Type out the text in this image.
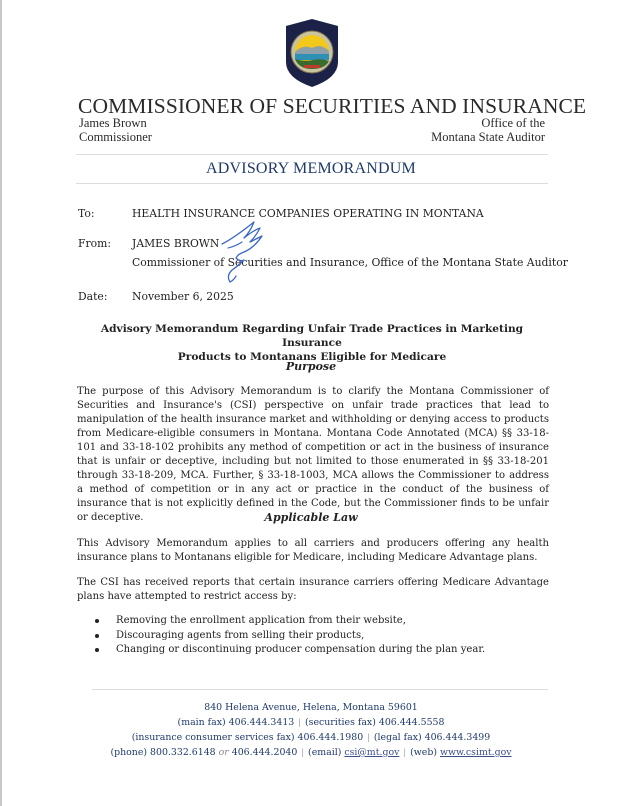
COMMISSIONER OF SECURITIES AND INSURANCE
James Brown
Commissioner
Office of the
Montana State Auditor
ADVISORY MEMORANDUM
To:	HEALTH INSURANCE COMPANIES OPERATING IN MONTANA
From:	JAMES BROWN
Commissioner of Securities and Insurance, Office of the Montana State Auditor
Date:	November 6, 2025
Advisory Memorandum Regarding Unfair Trade Practices in Marketing Insurance
Products to Montanans Eligible for Medicare
Purpose
The purpose of this Advisory Memorandum is to clarify the Montana Commissioner of Securities and Insurance's (CSI) perspective on unfair trade practices that lead to manipulation of the health insurance market and withholding or denying access to products from Medicare-eligible consumers in Montana. Montana Code Annotated (MCA) §§ 33-18-101 and 33-18-102 prohibits any method of competition or act in the business of insurance that is unfair or deceptive, including but not limited to those enumerated in §§ 33-18-201 through 33-18-209, MCA. Further, § 33-18-1003, MCA allows the Commissioner to address a method of competition or in any act or practice in the conduct of the business of insurance that is not explicitly defined in the Code, but the Commissioner finds to be unfair or deceptive.	Applicable Law
This Advisory Memorandum applies to all carriers and producers offering any health insurance plans to Montanans eligible for Medicare, including Medicare Advantage plans.
The CSI has received reports that certain insurance carriers offering Medicare Advantage plans have attempted to restrict access by:
Removing the enrollment application from their website,
Discouraging agents from selling their products,
Changing or discontinuing producer compensation during the plan year.
840 Helena Avenue, Helena, Montana 59601
(main fax) 406.444.3413 | (securities fax) 406.444.5558
(insurance consumer services fax) 406.444.1980 | (legal fax) 406.444.3499
(phone) 800.332.6148 or 406.444.2040 | (email) csi@mt.gov | (web) www.csimt.gov
